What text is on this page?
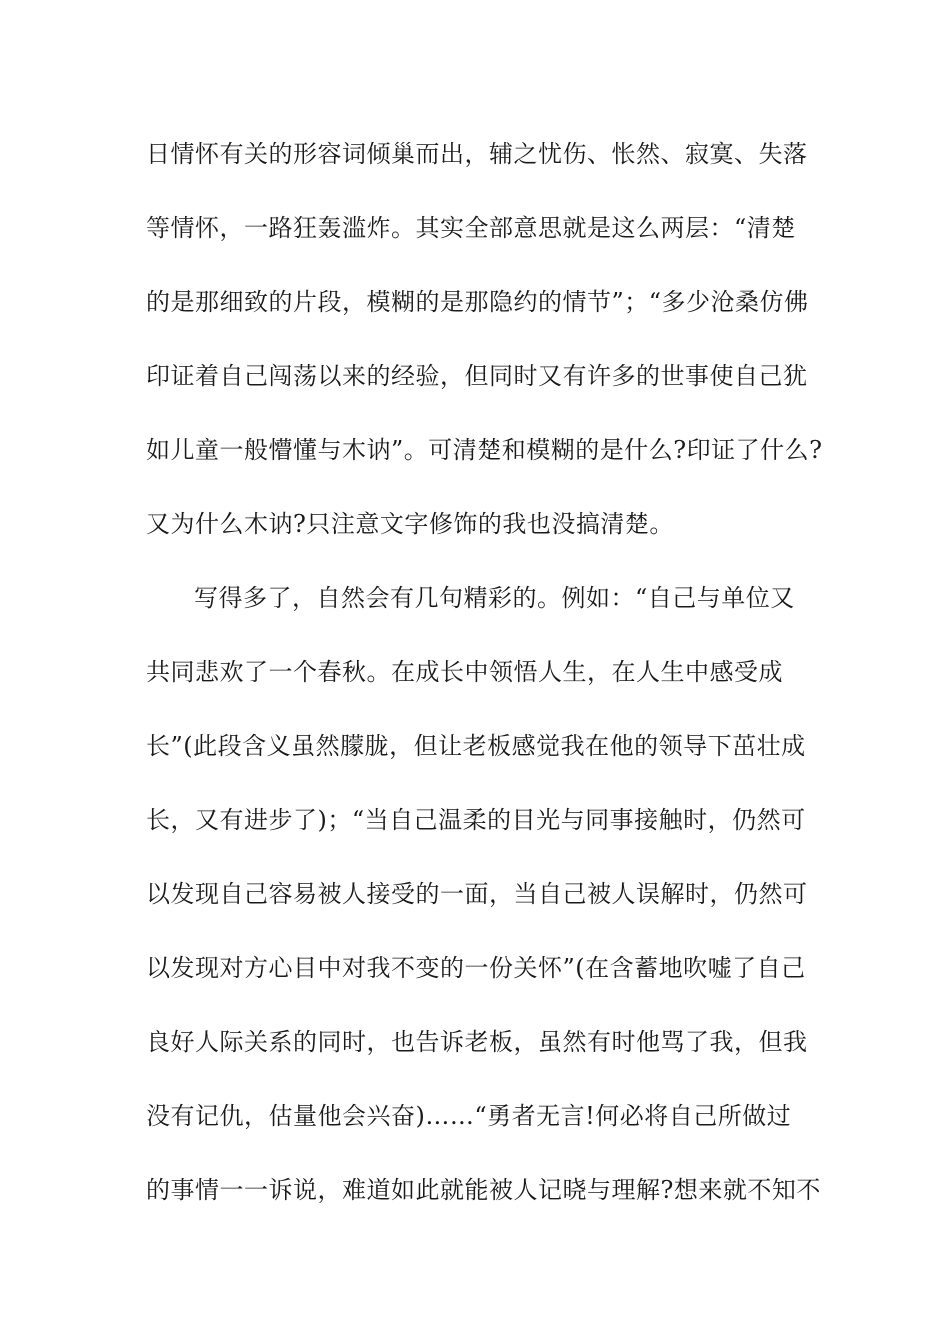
日情怀有关的形容词倾巢而出，辅之忧伤、怅然、寂寞、失落
等情怀，一路狂轰滥炸。其实全部意思就是这么两层：“清楚
的是那细致的片段，模糊的是那隐约的情节”；“多少沧桑仿佛
印证着自己闯荡以来的经验，但同时又有许多的世事使自己犹
如儿童一般懵懂与木讷”。可清楚和模糊的是什么?印证了什么?
又为什么木讷?只注意文字修饰的我也没搞清楚。
写得多了，自然会有几句精彩的。例如：“自己与单位又
共同悲欢了一个春秋。在成长中领悟人生，在人生中感受成
长”(此段含义虽然朦胧，但让老板感觉我在他的领导下茁壮成
长，又有进步了)；“当自己温柔的目光与同事接触时，仍然可
以发现自己容易被人接受的一面，当自己被人误解时，仍然可
以发现对方心目中对我不变的一份关怀”(在含蓄地吹嘘了自己
良好人际关系的同时，也告诉老板，虽然有时他骂了我，但我
没有记仇，估量他会兴奋)……“勇者无言!何必将自己所做过
的事情一一诉说，难道如此就能被人记晓与理解?想来就不知不
